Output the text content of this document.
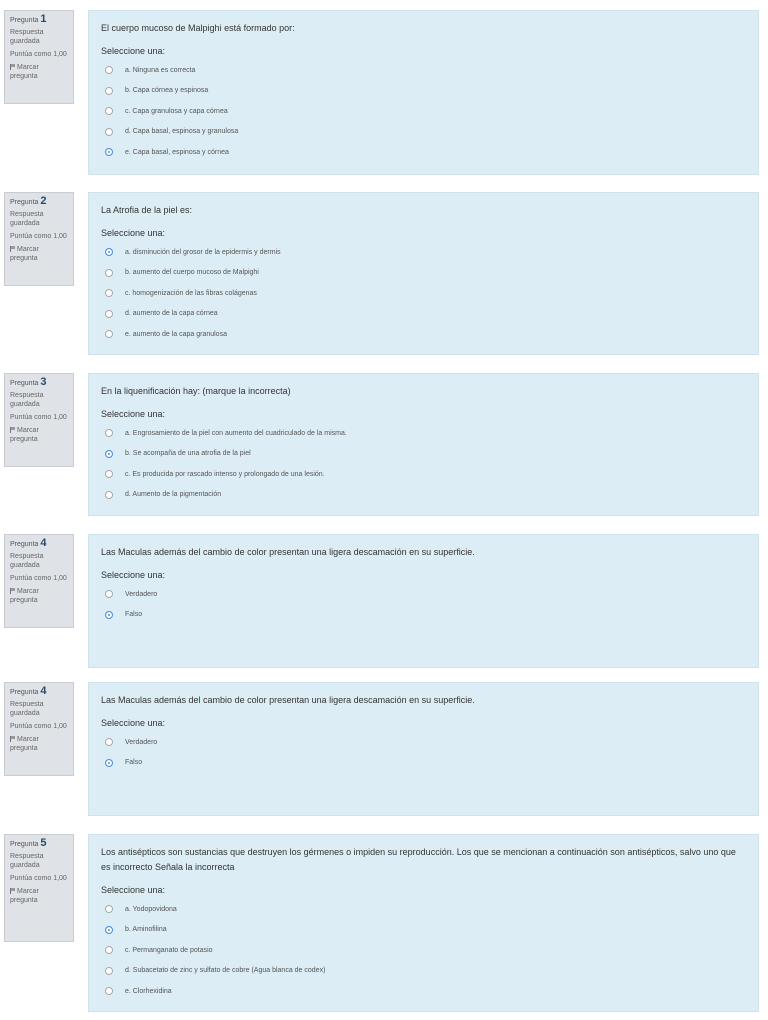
Pregunta 1
Respuesta guardada
Puntúa como 1,00
Marcar pregunta
El cuerpo mucoso de Malpighi está formado por:
Seleccione una:
a. Ninguna es correcta
b. Capa córnea y espinosa
c. Capa granulosa y capa córnea
d. Capa basal, espinosa y granulosa
e. Capa basal, espinosa y córnea
Pregunta 2
Respuesta guardada
Puntúa como 1,00
Marcar pregunta
La Atrofia de la piel es:
Seleccione una:
a. disminución del grosor de la epidermis y dermis
b. aumento del cuerpo mucoso de Malpighi
c. homogenización de las fibras colágenas
d. aumento de la capa córnea
e. aumento de la capa granulosa
Pregunta 3
Respuesta guardada
Puntúa como 1,00
Marcar pregunta
En la liquenificación hay: (marque la incorrecta)
Seleccione una:
a. Engrosamiento de la piel con aumento del cuadriculado de la misma.
b. Se acompaña de una atrofia de la piel
c. Es producida por rascado intenso y prolongado de una lesión.
d. Aumento de la pigmentación
Pregunta 4
Respuesta guardada
Puntúa como 1,00
Marcar pregunta
Las Maculas además del cambio de color presentan una ligera descamación en su superficie.
Seleccione una:
Verdadero
Falso
Pregunta 4
Respuesta guardada
Puntúa como 1,00
Marcar pregunta
Las Maculas además del cambio de color presentan una ligera descamación en su superficie.
Seleccione una:
Verdadero
Falso
Pregunta 5
Respuesta guardada
Puntúa como 1,00
Marcar pregunta
Los antisépticos son sustancias que destruyen los gérmenes o impiden su reproducción. Los que se mencionan a continuación son antisépticos, salvo uno que es incorrecto Señala la incorrecta
Seleccione una:
a. Yodopovidona
b. Aminofilina
c. Permanganato de potasio
d. Subacetato de zinc y sulfato de cobre (Agua blanca de codex)
e. Clorhexidina
